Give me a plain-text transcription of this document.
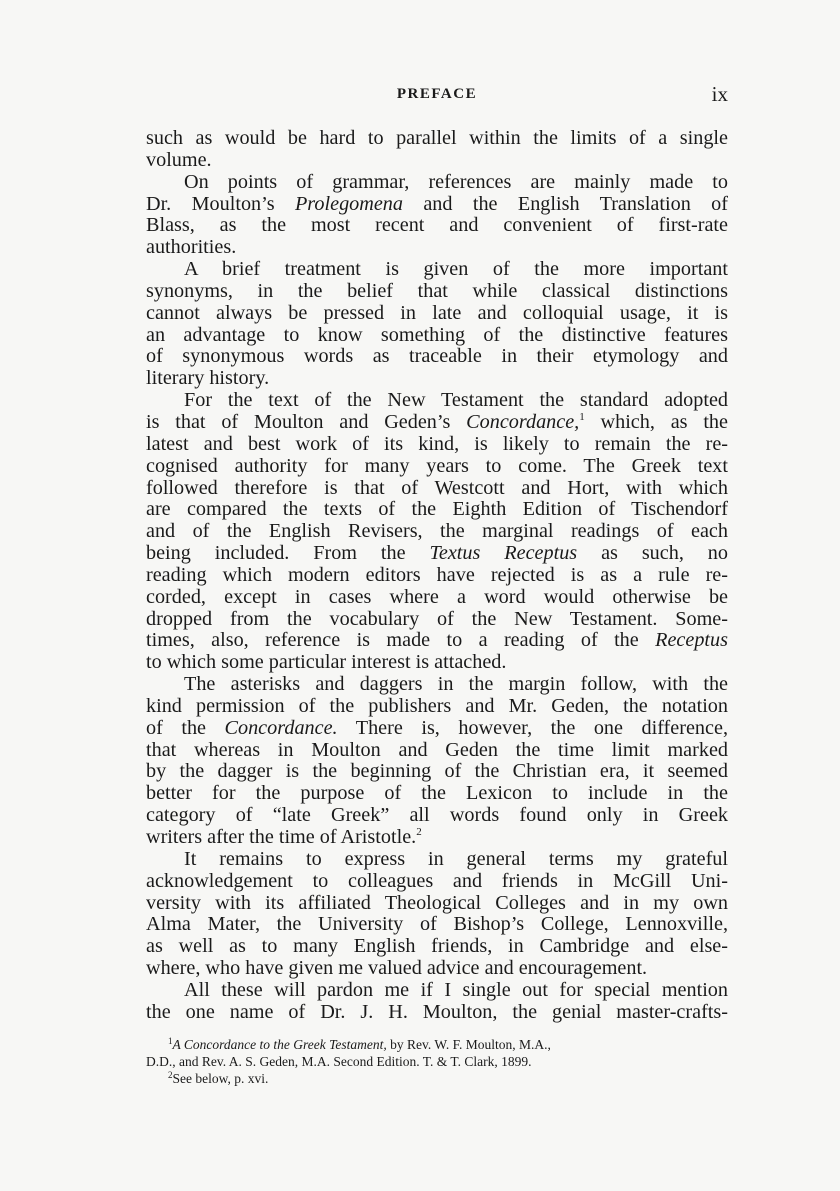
PREFACE	ix
such as would be hard to parallel within the limits of a single
volume.
On points of grammar, references are mainly made to
Dr. Moulton’s Prolegomena and the English Translation of
Blass, as the most recent and convenient of first-rate
authorities.
A brief treatment is given of the more important
synonyms, in the belief that while classical distinctions
cannot always be pressed in late and colloquial usage, it is
an advantage to know something of the distinctive features
of synonymous words as traceable in their etymology and
literary history.
For the text of the New Testament the standard adopted
is that of Moulton and Geden’s Concordance,$^1$ which, as the
latest and best work of its kind, is likely to remain the re-
cognised authority for many years to come. The Greek text
followed therefore is that of Westcott and Hort, with which
are compared the texts of the Eighth Edition of Tischendorf
and of the English Revisers, the marginal readings of each
being included. From the Textus Receptus as such, no
reading which modern editors have rejected is as a rule re-
corded, except in cases where a word would otherwise be
dropped from the vocabulary of the New Testament. Some-
times, also, reference is made to a reading of the Receptus
to which some particular interest is attached.
The asterisks and daggers in the margin follow, with the
kind permission of the publishers and Mr. Geden, the notation
of the Concordance. There is, however, the one difference,
that whereas in Moulton and Geden the time limit marked
by the dagger is the beginning of the Christian era, it seemed
better for the purpose of the Lexicon to include in the
category of “late Greek” all words found only in Greek
writers after the time of Aristotle.$^2$
It remains to express in general terms my grateful
acknowledgement to colleagues and friends in McGill Uni-
versity with its affiliated Theological Colleges and in my own
Alma Mater, the University of Bishop’s College, Lennoxville,
as well as to many English friends, in Cambridge and else-
where, who have given me valued advice and encouragement.
All these will pardon me if I single out for special mention
the one name of Dr. J. H. Moulton, the genial master-crafts-

$^1$A Concordance to the Greek Testament, by Rev. W. F. Moulton, M.A.,
D.D., and Rev. A. S. Geden, M.A. Second Edition. T. & T. Clark, 1899.

$^2$See below, p. xvi.
